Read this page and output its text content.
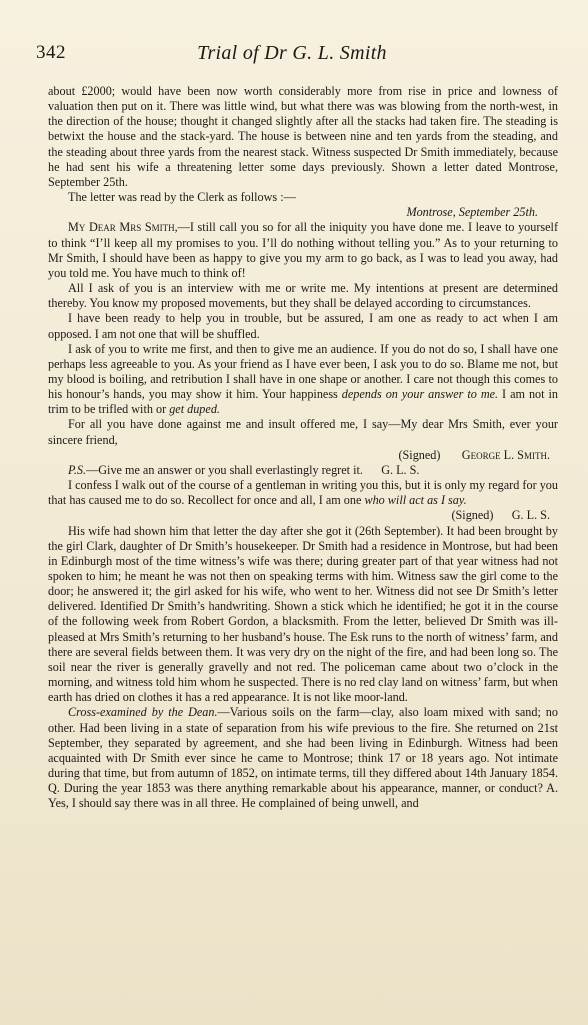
342	Trial of Dr G. L. Smith

about £2000; would have been now worth considerably more from rise in price and lowness of valuation then put on it. There was little wind, but what there was was blowing from the north-west, in the direction of the house; thought it changed slightly after all the stacks had taken fire. The steading is betwixt the house and the stack-yard. The house is between nine and ten yards from the steading, and the steading about three yards from the nearest stack. Witness suspected Dr Smith immediately, because he had sent his wife a threatening letter some days previously. Shown a letter dated Montrose, September 25th.

The letter was read by the Clerk as follows :—

Montrose, September 25th.

My Dear Mrs Smith,—I still call you so for all the iniquity you have done me. I leave to yourself to think “I’ll keep all my promises to you. I’ll do nothing without telling you.” As to your returning to Mr Smith, I should have been as happy to give you my arm to go back, as I was to lead you away, had you told me. You have much to think of!

All I ask of you is an interview with me or write me. My intentions at present are determined thereby. You know my proposed movements, but they shall be delayed according to circumstances.

I have been ready to help you in trouble, but be assured, I am one as ready to act when I am opposed. I am not one that will be shuffled.

I ask of you to write me first, and then to give me an audience. If you do not do so, I shall have one perhaps less agreeable to you. As your friend as I have ever been, I ask you to do so. Blame me not, but my blood is boiling, and retribution I shall have in one shape or another. I care not though this comes to his honour’s hands, you may show it him. Your happiness depends on your answer to me. I am not in trim to be trifled with or get duped.

For all you have done against me and insult offered me, I say—My dear Mrs Smith, ever your sincere friend,

(Signed) George L. Smith.

P.S.—Give me an answer or you shall everlastingly regret it. G. L. S.

I confess I walk out of the course of a gentleman in writing you this, but it is only my regard for you that has caused me to do so. Recollect for once and all, I am one who will act as I say.

(Signed) G. L. S.

His wife had shown him that letter the day after she got it (26th September). It had been brought by the girl Clark, daughter of Dr Smith’s housekeeper. Dr Smith had a residence in Montrose, but had been in Edinburgh most of the time witness’s wife was there; during greater part of that year witness had not spoken to him; he meant he was not then on speaking terms with him. Witness saw the girl come to the door; he answered it; the girl asked for his wife, who went to her. Witness did not see Dr Smith’s letter delivered. Identified Dr Smith’s handwriting. Shown a stick which he identified; he got it in the course of the following week from Robert Gordon, a blacksmith. From the letter, believed Dr Smith was ill-pleased at Mrs Smith’s returning to her husband’s house. The Esk runs to the north of witness’ farm, and there are several fields between them. It was very dry on the night of the fire, and had been long so. The soil near the river is generally gravelly and not red. The policeman came about two o’clock in the morning, and witness told him whom he suspected. There is no red clay land on witness’ farm, but when earth has dried on clothes it has a red appearance. It is not like moor-land.

Cross-examined by the Dean.—Various soils on the farm—clay, also loam mixed with sand; no other. Had been living in a state of separation from his wife previous to the fire. She returned on 21st September, they separated by agreement, and she had been living in Edinburgh. Witness had been acquainted with Dr Smith ever since he came to Montrose; think 17 or 18 years ago. Not intimate during that time, but from autumn of 1852, on intimate terms, till they differed about 14th January 1854. Q. During the year 1853 was there anything remarkable about his appearance, manner, or conduct? A. Yes, I should say there was in all three. He complained of being unwell, and
